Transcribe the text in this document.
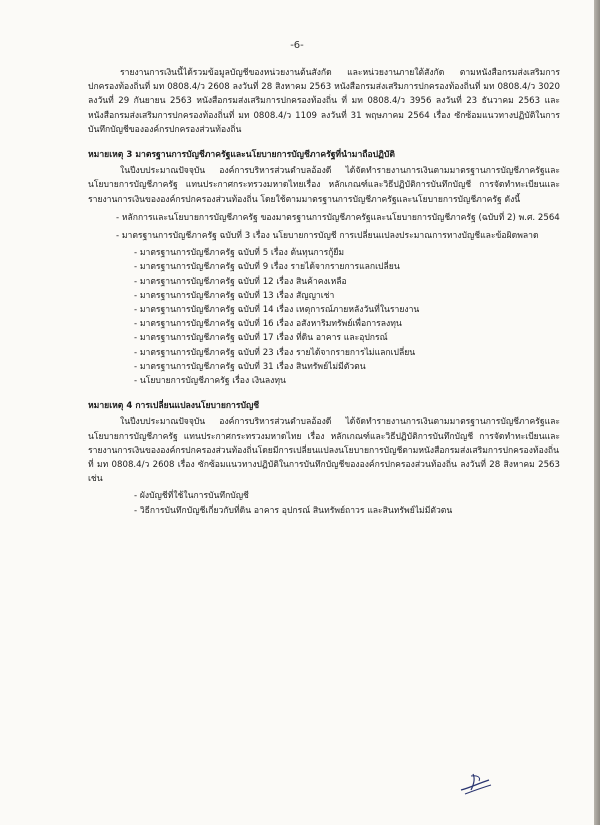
-6-

รายงานการเงินนี้ได้รวมข้อมูลบัญชีของหน่วยงานต้นสังกัด และหน่วยงานภายใต้สังกัด ตามหนังสือกรมส่งเสริมการปกครองท้องถิ่นที่ มท 0808.4/ว 2608 ลงวันที่ 28 สิงหาคม 2563 หนังสือกรมส่งเสริมการปกครองท้องถิ่นที่ มท 0808.4/ว 3020 ลงวันที่ 29 กันยายน 2563 หนังสือกรมส่งเสริมการปกครองท้องถิ่น ที่ มท 0808.4/ว 3956 ลงวันที่ 23 ธันวาคม 2563 และหนังสือกรมส่งเสริมการปกครองท้องถิ่นที่ มท 0808.4/ว 1109 ลงวันที่ 31 พฤษภาคม 2564 เรื่อง ซักซ้อมแนวทางปฏิบัติในการบันทึกบัญชีขององค์กรปกครองส่วนท้องถิ่น

หมายเหตุ 3 มาตรฐานการบัญชีภาครัฐและนโยบายการบัญชีภาครัฐที่นำมาถือปฏิบัติ

ในปีงบประมาณปัจจุบัน องค์การบริหารส่วนตำบลอ้องดี ได้จัดทำรายงานการเงินตามมาตรฐานการบัญชีภาครัฐและนโยบายการบัญชีภาครัฐ แทนประกาศกระทรวงมหาดไทยเรื่อง หลักเกณฑ์และวิธีปฏิบัติการบันทึกบัญชี การจัดทำทะเบียนและรายงานการเงินขององค์กรปกครองส่วนท้องถิ่น โดยใช้ตามมาตรฐานการบัญชีภาครัฐและนโยบายการบัญชีภาครัฐ ดังนี้

- หลักการและนโยบายการบัญชีภาครัฐ ของมาตรฐานการบัญชีภาครัฐและนโยบายการบัญชีภาครัฐ (ฉบับที่ 2) พ.ศ. 2564

- มาตรฐานการบัญชีภาครัฐ ฉบับที่ 3 เรื่อง นโยบายการบัญชี การเปลี่ยนแปลงประมาณการทางบัญชีและข้อผิดพลาด

- มาตรฐานการบัญชีภาครัฐ ฉบับที่ 5 เรื่อง ต้นทุนการกู้ยืม

- มาตรฐานการบัญชีภาครัฐ ฉบับที่ 9 เรื่อง รายได้จากรายการแลกเปลี่ยน

- มาตรฐานการบัญชีภาครัฐ ฉบับที่ 12 เรื่อง สินค้าคงเหลือ

- มาตรฐานการบัญชีภาครัฐ ฉบับที่ 13 เรื่อง สัญญาเช่า

- มาตรฐานการบัญชีภาครัฐ ฉบับที่ 14 เรื่อง เหตุการณ์ภายหลังวันที่ในรายงาน

- มาตรฐานการบัญชีภาครัฐ ฉบับที่ 16 เรื่อง อสังหาริมทรัพย์เพื่อการลงทุน

- มาตรฐานการบัญชีภาครัฐ ฉบับที่ 17 เรื่อง ที่ดิน อาคาร และอุปกรณ์

- มาตรฐานการบัญชีภาครัฐ ฉบับที่ 23 เรื่อง รายได้จากรายการไม่แลกเปลี่ยน

- มาตรฐานการบัญชีภาครัฐ ฉบับที่ 31 เรื่อง สินทรัพย์ไม่มีตัวตน

- นโยบายการบัญชีภาครัฐ เรื่อง เงินลงทุน

หมายเหตุ 4 การเปลี่ยนแปลงนโยบายการบัญชี

ในปีงบประมาณปัจจุบัน องค์การบริหารส่วนตำบลอ้องดี ได้จัดทำรายงานการเงินตามมาตรฐานการบัญชีภาครัฐและนโยบายการบัญชีภาครัฐ แทนประกาศกระทรวงมหาดไทย เรื่อง หลักเกณฑ์และวิธีปฏิบัติการบันทึกบัญชี การจัดทำทะเบียนและรายงานการเงินขององค์กรปกครองส่วนท้องถิ่นโดยมีการเปลี่ยนแปลงนโยบายการบัญชีตามหนังสือกรมส่งเสริมการปกครองท้องถิ่นที่ มท 0808.4/ว 2608 เรื่อง ซักซ้อมแนวทางปฏิบัติในการบันทึกบัญชีขององค์กรปกครองส่วนท้องถิ่น ลงวันที่ 28 สิงหาคม 2563 เช่น

- ผังบัญชีที่ใช้ในการบันทึกบัญชี

- วิธีการบันทึกบัญชีเกี่ยวกับที่ดิน อาคาร อุปกรณ์ สินทรัพย์ถาวร และสินทรัพย์ไม่มีตัวตน
